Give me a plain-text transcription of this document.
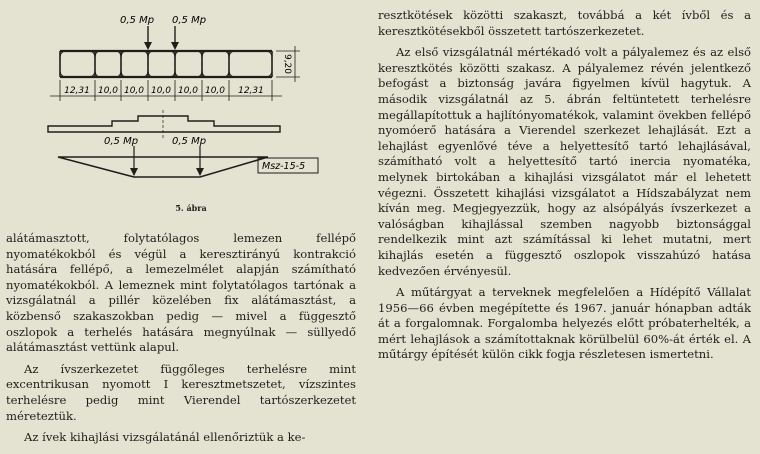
0,5 Mp 0,5 Mp
9,20
12,31 10,0 10,0 10,0 10,0 10,0 12,31
0,5 Mp	0,5 Mp
Msz-15-5
5. ábra

alátámasztott, folytatólagos lemezen fellépő nyomatékokból és végül a keresztirányú kontrakció hatására fellépő, a lemezelmélet alapján számítható nyomatékokból. A lemeznek mint folytatólagos tartónak a vizsgálatnál a pillér közelében fix alátámasztást, a közbenső szakaszokban pedig — mivel a függesztő oszlopok a terhelés hatására megnyúlnak — süllyedő alátámasztást vettünk alapul.

Az ívszerkezetet függőleges terhelésre mint excentrikusan nyomott I keresztmetszetet, vízszintes terhelésre pedig mint Vierendel tartószerkezetet méreteztük.

Az ívek kihajlási vizsgálatánál ellenőriztük a ke-

resztkötések közötti szakaszt, továbbá a két ívből és a keresztkötésekből összetett tartószerkezetet.

Az első vizsgálatnál mértékadó volt a pályalemez és az első keresztkötés közötti szakasz. A pályalemez révén jelentkező befogást a biztonság javára figyelmen kívül hagytuk. A második vizsgálatnál az 5. ábrán feltüntetett terhelésre megállapítottuk a hajlítónyomatékok, valamint övekben fellépő nyomóerő hatására a Vierendel szerkezet lehajlását. Ezt a lehajlást egyenlővé téve a helyettesítő tartó lehajlásával, számítható volt a helyettesítő tartó inercia nyomatéka, melynek birtokában a kihajlási vizsgálatot már el lehetett végezni. Összetett kihajlási vizsgálatot a Hídszabályzat nem kíván meg. Megjegyezzük, hogy az alsópályás ívszerkezet a valóságban kihajlással szemben nagyobb biztonsággal rendelkezik mint azt számítással ki lehet mutatni, mert kihajlás esetén a függesztő oszlopok visszahúzó hatása kedvezően érvényesül.

A műtárgyat a terveknek megfelelően a Hídépítő Vállalat 1956—66 évben megépítette és 1967. január hónapban adták át a forgalomnak. Forgalomba helyezés előtt próbaterhelték, a mért lehajlások a számítottaknak körülbelül 60%-át érték el. A műtárgy építését külön cikk fogja részletesen ismertetni.
